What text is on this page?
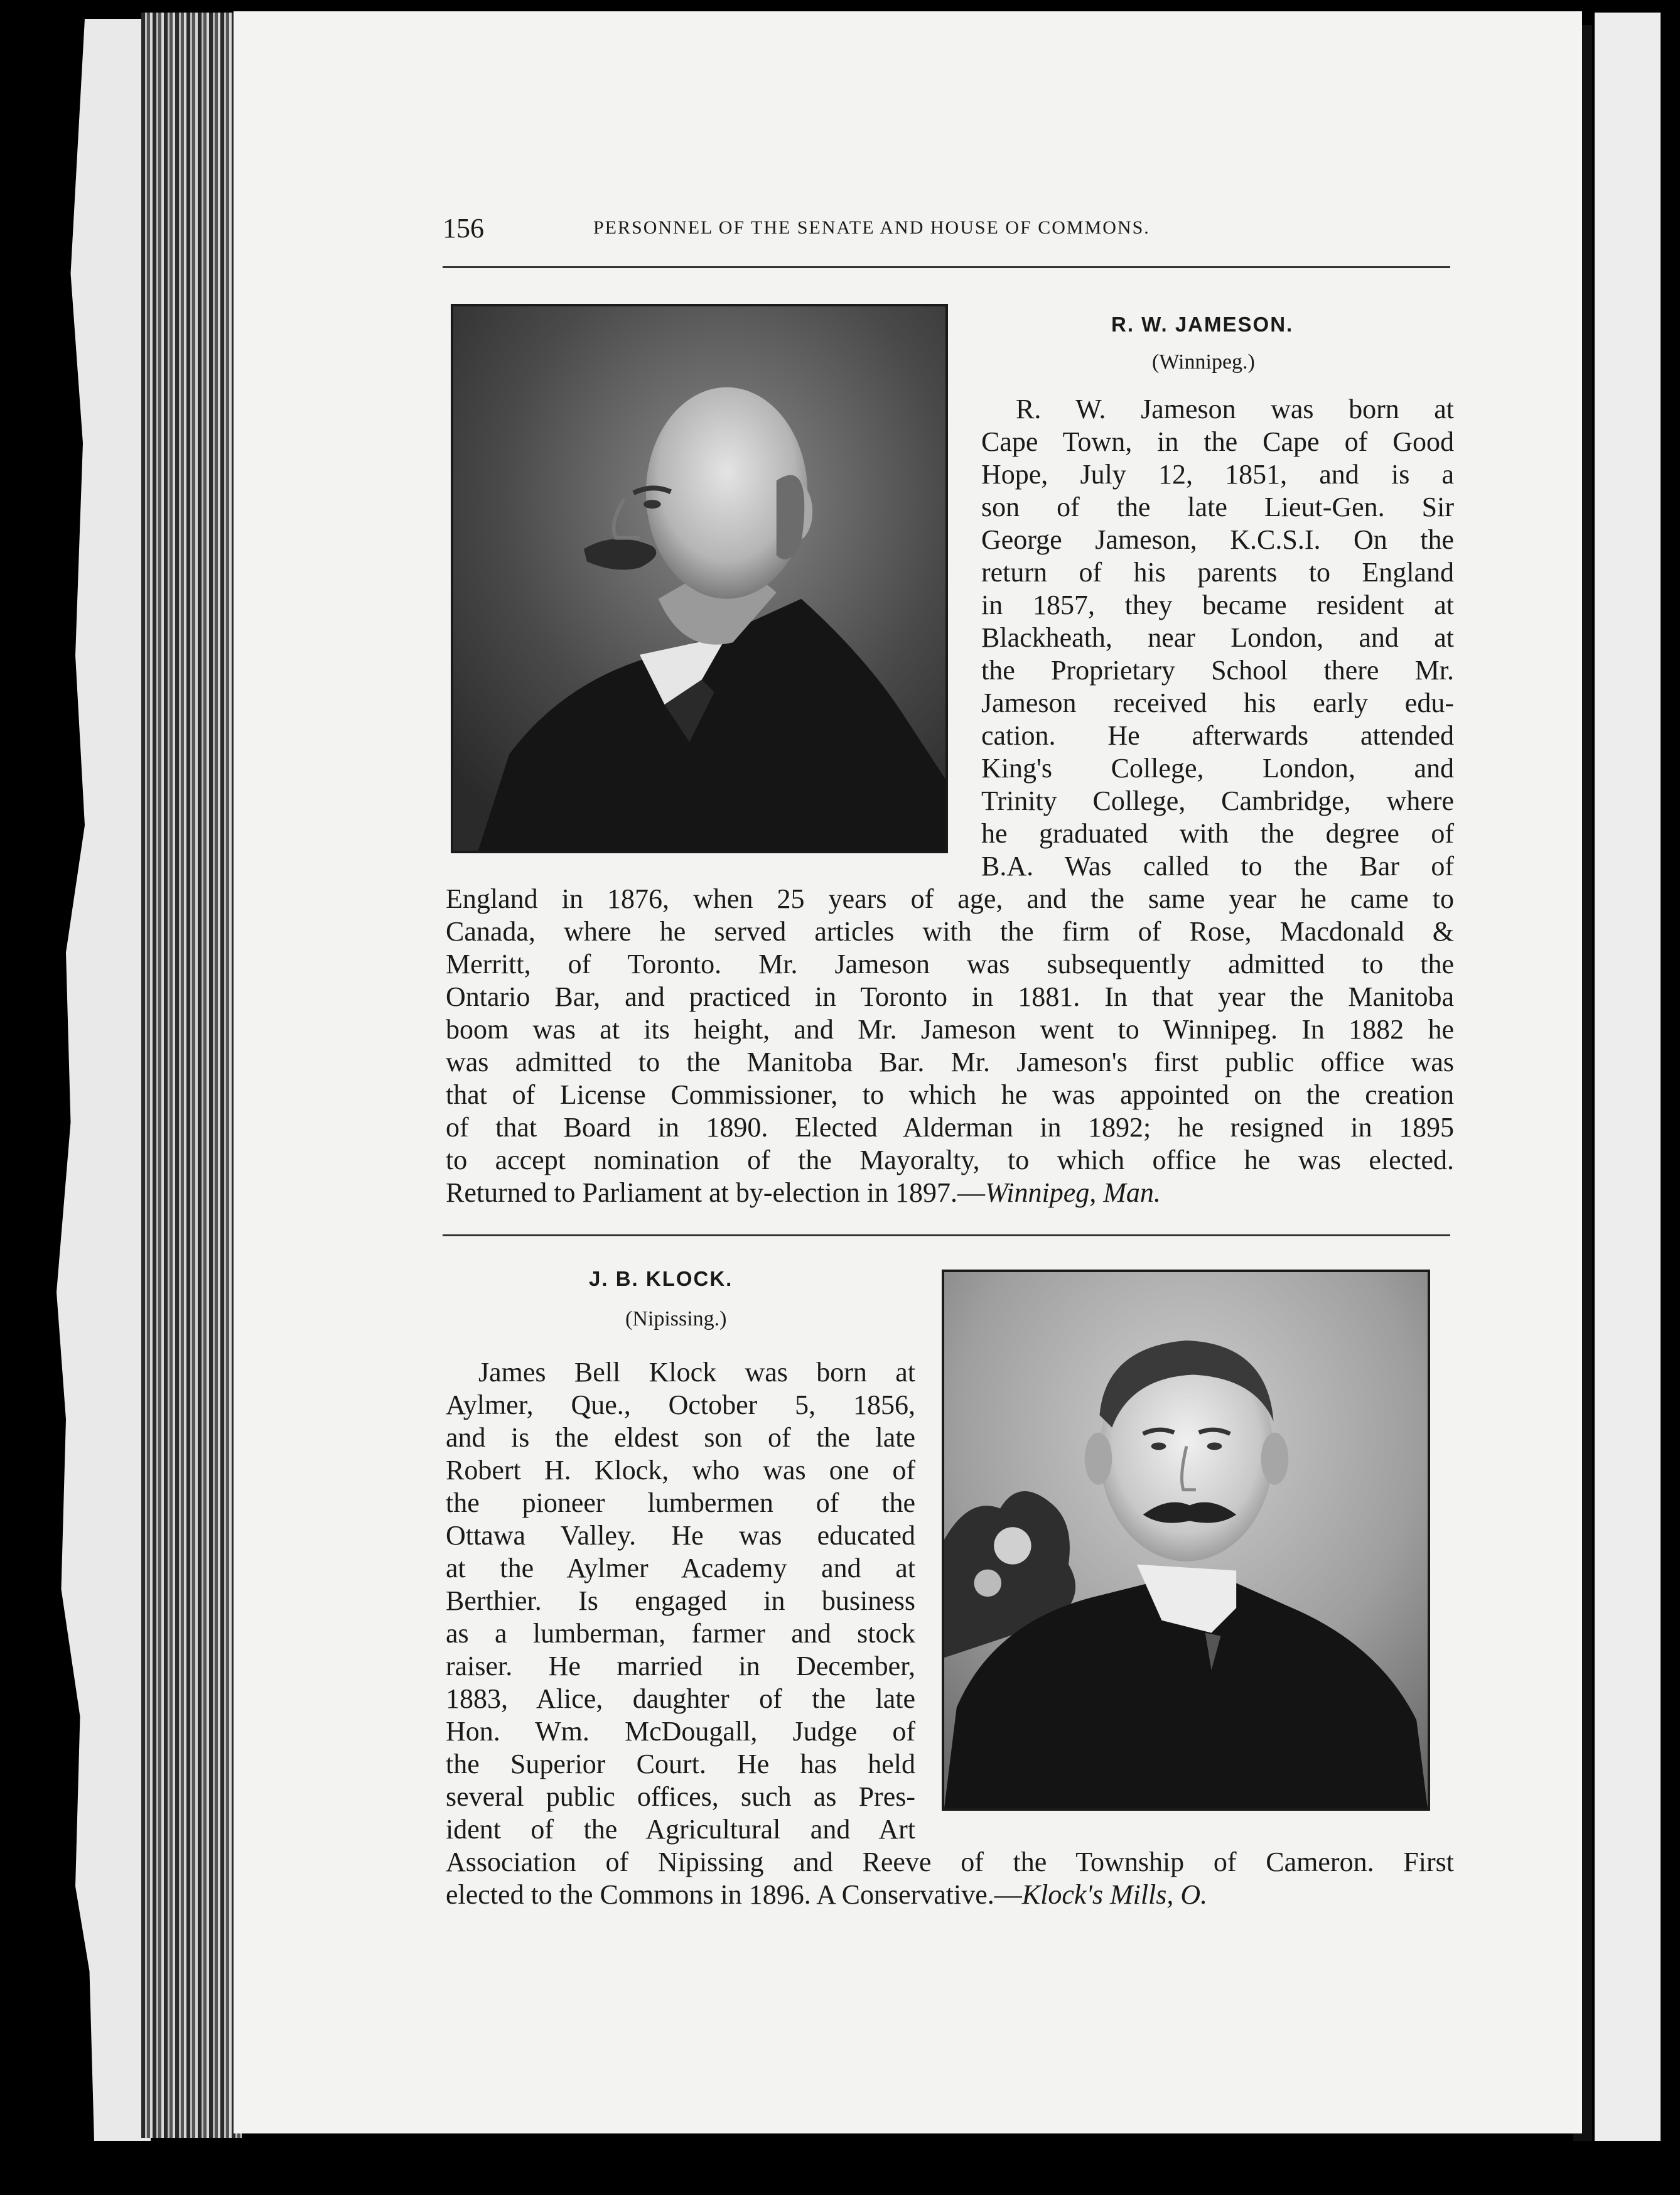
156	PERSONNEL OF THE SENATE AND HOUSE OF COMMONS.
R. W. JAMESON.
(Winnipeg.)
R. W. Jameson was born at
Cape Town, in the Cape of Good
Hope, July 12, 1851, and is a
son of the late Lieut-Gen. Sir
George Jameson, K.C.S.I. On the
return of his parents to England
in 1857, they became resident at
Blackheath, near London, and at
the Proprietary School there Mr.
Jameson received his early edu-
cation. He afterwards attended
King's College, London, and
Trinity College, Cambridge, where
he graduated with the degree of
B.A. Was called to the Bar of
England in 1876, when 25 years of age, and the same year he came to
Canada, where he served articles with the firm of Rose, Macdonald &
Merritt, of Toronto. Mr. Jameson was subsequently admitted to the
Ontario Bar, and practiced in Toronto in 1881. In that year the Manitoba
boom was at its height, and Mr. Jameson went to Winnipeg. In 1882 he
was admitted to the Manitoba Bar. Mr. Jameson's first public office was
that of License Commissioner, to which he was appointed on the creation
of that Board in 1890. Elected Alderman in 1892; he resigned in 1895
to accept nomination of the Mayoralty, to which office he was elected.
Returned to Parliament at by-election in 1897.—Winnipeg, Man.
J. B. KLOCK.
(Nipissing.)
James Bell Klock was born at
Aylmer, Que., October 5, 1856,
and is the eldest son of the late
Robert H. Klock, who was one of
the pioneer lumbermen of the
Ottawa Valley. He was educated
at the Aylmer Academy and at
Berthier. Is engaged in business
as a lumberman, farmer and stock
raiser. He married in December,
1883, Alice, daughter of the late
Hon. Wm. McDougall, Judge of
the Superior Court. He has held
several public offices, such as Pres-
ident of the Agricultural and Art
Association of Nipissing and Reeve of the Township of Cameron. First
elected to the Commons in 1896. A Conservative.—Klock's Mills, O.
